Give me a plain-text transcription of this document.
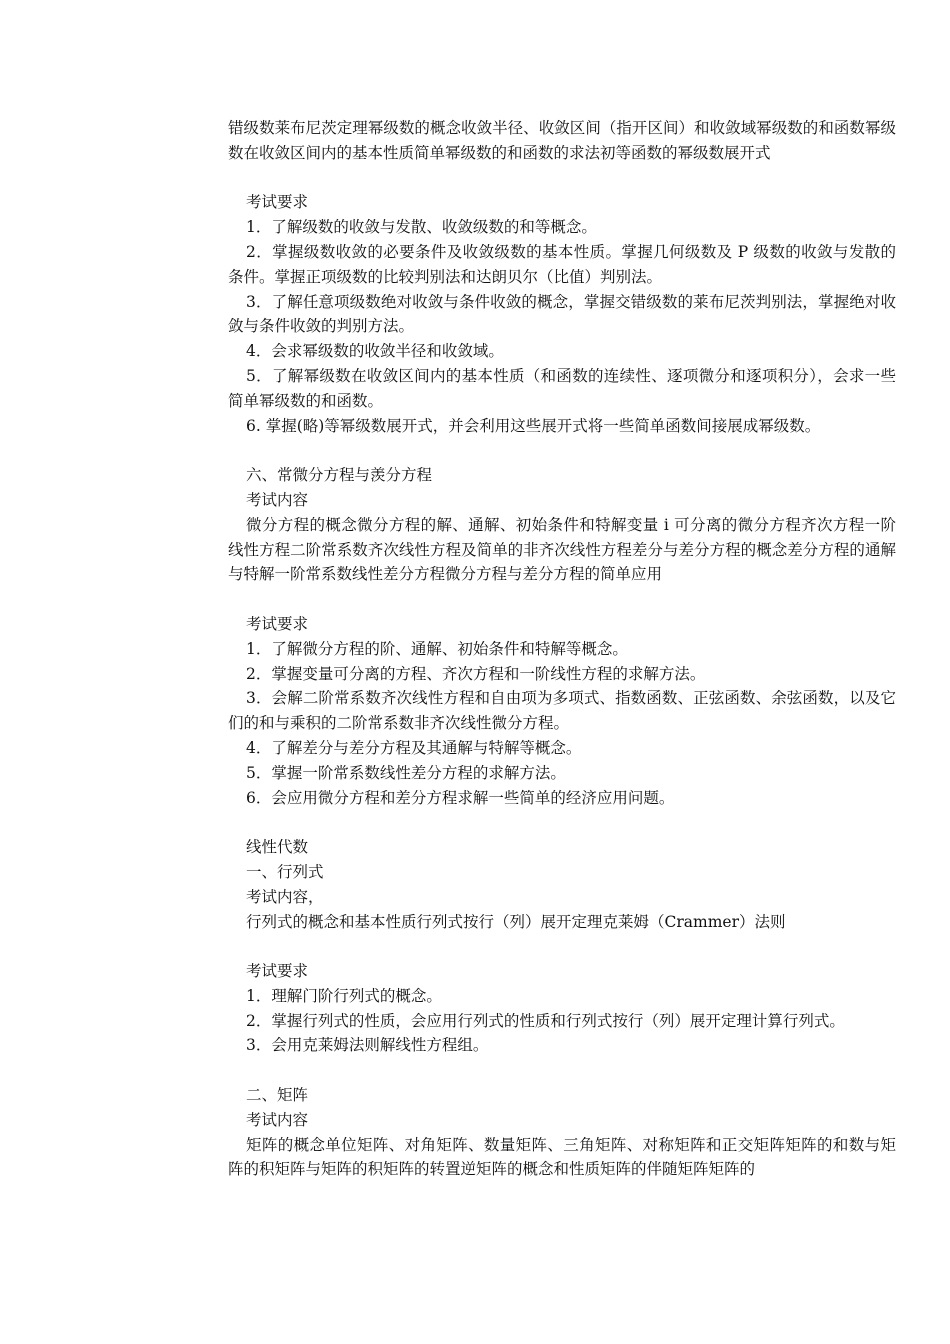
错级数莱布尼茨定理幂级数的概念收敛半径、收敛区间（指开区间）和收敛域幂级数的和函数幂级数在收敛区间内的基本性质简单幂级数的和函数的求法初等函数的幂级数展开式

考试要求

1．了解级数的收敛与发散、收敛级数的和等概念。

2．掌握级数收敛的必要条件及收敛级数的基本性质。掌握几何级数及 P 级数的收敛与发散的条件。掌握正项级数的比较判别法和达朗贝尔（比值）判别法。

3．了解任意项级数绝对收敛与条件收敛的概念，掌握交错级数的莱布尼茨判别法，掌握绝对收敛与条件收敛的判别方法。

4．会求幂级数的收敛半径和收敛域。

5．了解幂级数在收敛区间内的基本性质（和函数的连续性、逐项微分和逐项积分），会求一些简单幂级数的和函数。

6. 掌握(略)等幂级数展开式，并会利用这些展开式将一些简单函数间接展成幂级数。

六、常微分方程与羡分方程

考试内容

微分方程的概念微分方程的解、通解、初始条件和特解变量 i 可分离的微分方程齐次方程一阶线性方程二阶常系数齐次线性方程及简单的非齐次线性方程差分与差分方程的概念差分方程的通解与特解一阶常系数线性差分方程微分方程与差分方程的简单应用

考试要求

1．了解微分方程的阶、通解、初始条件和特解等概念。

2．掌握变量可分离的方程、齐次方程和一阶线性方程的求解方法。

3．会解二阶常系数齐次线性方程和自由项为多项式、指数函数、正弦函数、余弦函数，以及它们的和与乘积的二阶常系数非齐次线性微分方程。

4．了解差分与差分方程及其通解与特解等概念。

5．掌握一阶常系数线性差分方程的求解方法。

6．会应用微分方程和差分方程求解一些简单的经济应用问题。

线性代数

一、行列式

考试内容，

行列式的概念和基本性质行列式按行（列）展开定理克莱姆（Crammer）法则

考试要求

1．理解门阶行列式的概念。

2．掌握行列式的性质，会应用行列式的性质和行列式按行（列）展开定理计算行列式。

3．会用克莱姆法则解线性方程组。

二、矩阵

考试内容

矩阵的概念单位矩阵、对角矩阵、数量矩阵、三角矩阵、对称矩阵和正交矩阵矩阵的和数与矩阵的积矩阵与矩阵的积矩阵的转置逆矩阵的概念和性质矩阵的伴随矩阵矩阵的
